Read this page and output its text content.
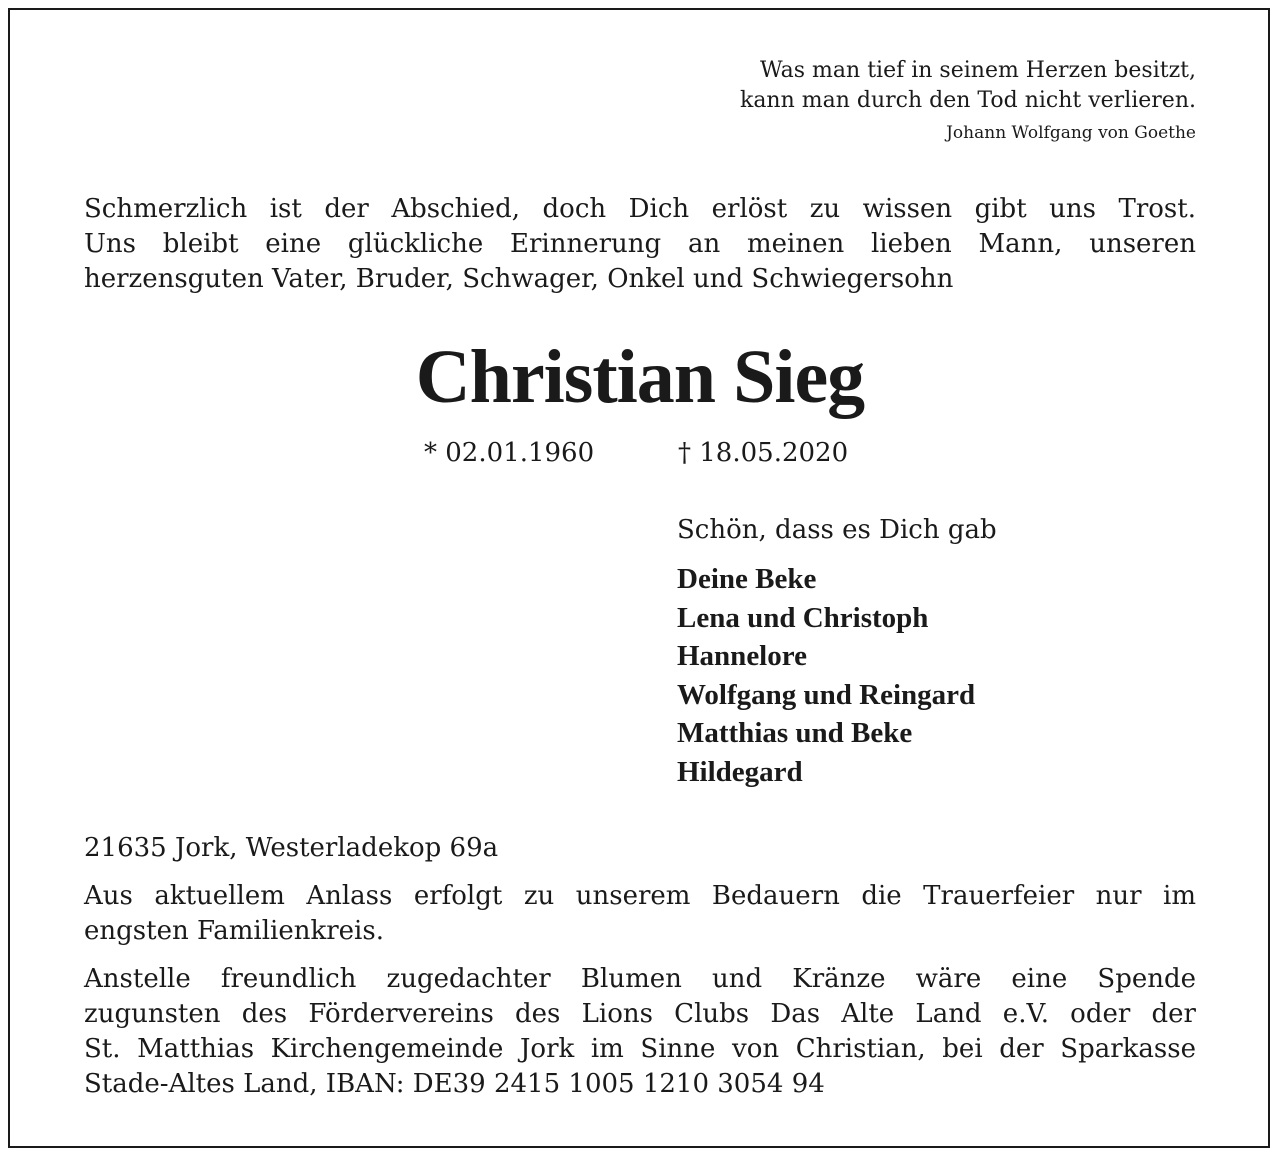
Was man tief in seinem Herzen besitzt,
kann man durch den Tod nicht verlieren.
Johann Wolfgang von Goethe
Schmerzlich ist der Abschied, doch Dich erlöst zu wissen gibt uns Trost.
Uns bleibt eine glückliche Erinnerung an meinen lieben Mann, unseren
herzensguten Vater, Bruder, Schwager, Onkel und Schwiegersohn
Christian Sieg
* 02.01.1960	† 18.05.2020
Schön, dass es Dich gab
Deine Beke
Lena und Christoph
Hannelore
Wolfgang und Reingard
Matthias und Beke
Hildegard
21635 Jork, Westerladekop 69a
Aus aktuellem Anlass erfolgt zu unserem Bedauern die Trauerfeier nur im
engsten Familienkreis.
Anstelle freundlich zugedachter Blumen und Kränze wäre eine Spende
zugunsten des Fördervereins des Lions Clubs Das Alte Land e.V. oder der
St. Matthias Kirchengemeinde Jork im Sinne von Christian, bei der Sparkasse
Stade-Altes Land, IBAN: DE39 2415 1005 1210 3054 94
